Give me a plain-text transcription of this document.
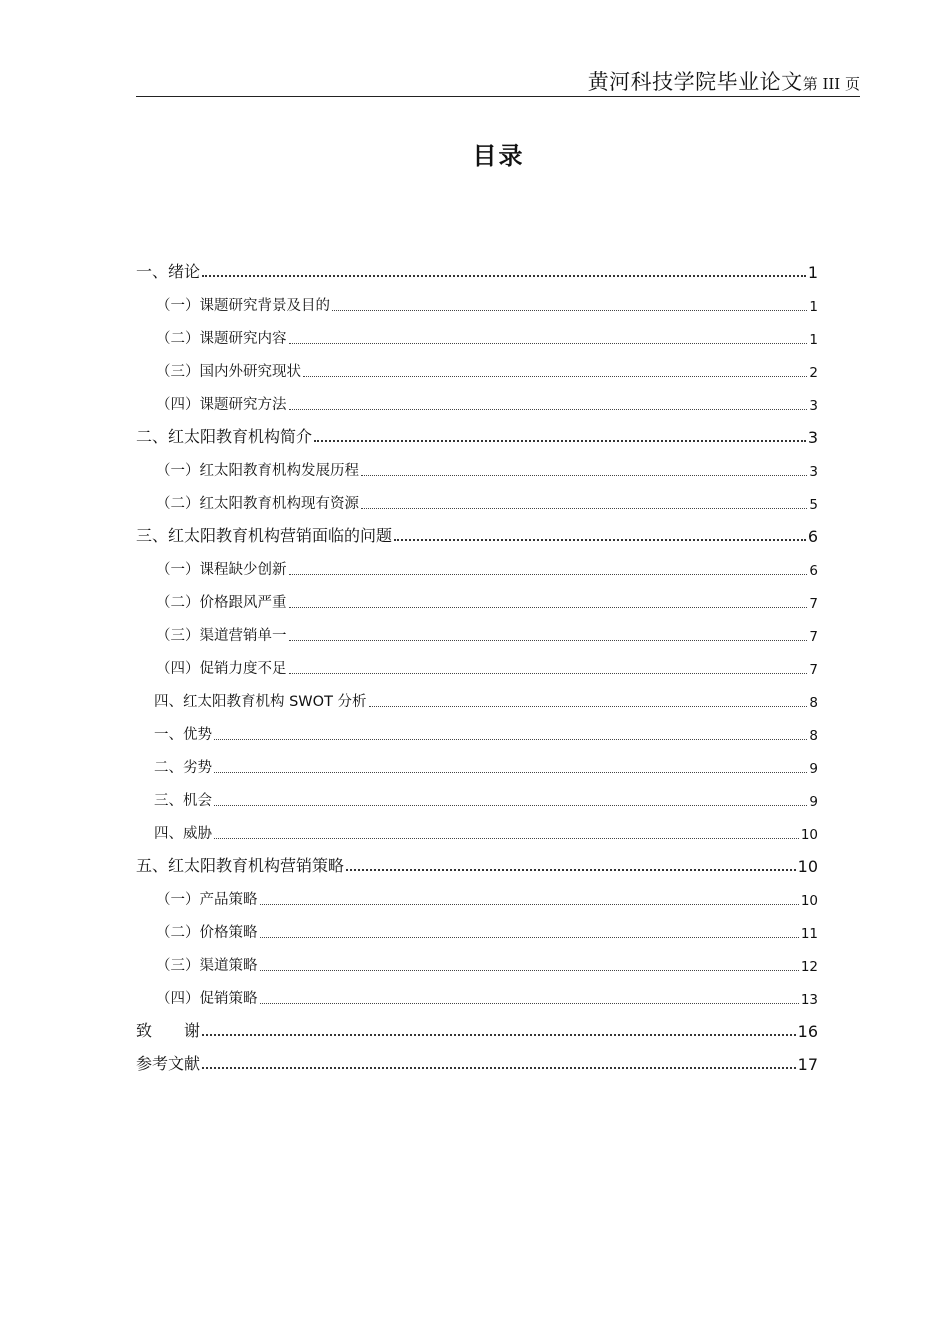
黄河科技学院毕业论文第 III 页
目录
一、绪论	1
（一）课题研究背景及目的	1
（二）课题研究内容	1
（三）国内外研究现状	2
（四）课题研究方法	3
二、红太阳教育机构简介	3
（一）红太阳教育机构发展历程	3
（二）红太阳教育机构现有资源	5
三、红太阳教育机构营销面临的问题	6
（一）课程缺少创新	6
（二）价格跟风严重	7
（三）渠道营销单一	7
（四）促销力度不足	7
四、红太阳教育机构 SWOT 分析	8
一、优势	8
二、劣势	9
三、机会	9
四、威胁	10
五、红太阳教育机构营销策略	10
（一）产品策略	10
（二）价格策略	11
（三）渠道策略	12
（四）促销策略	13
致　　谢	16
参考文献	17
